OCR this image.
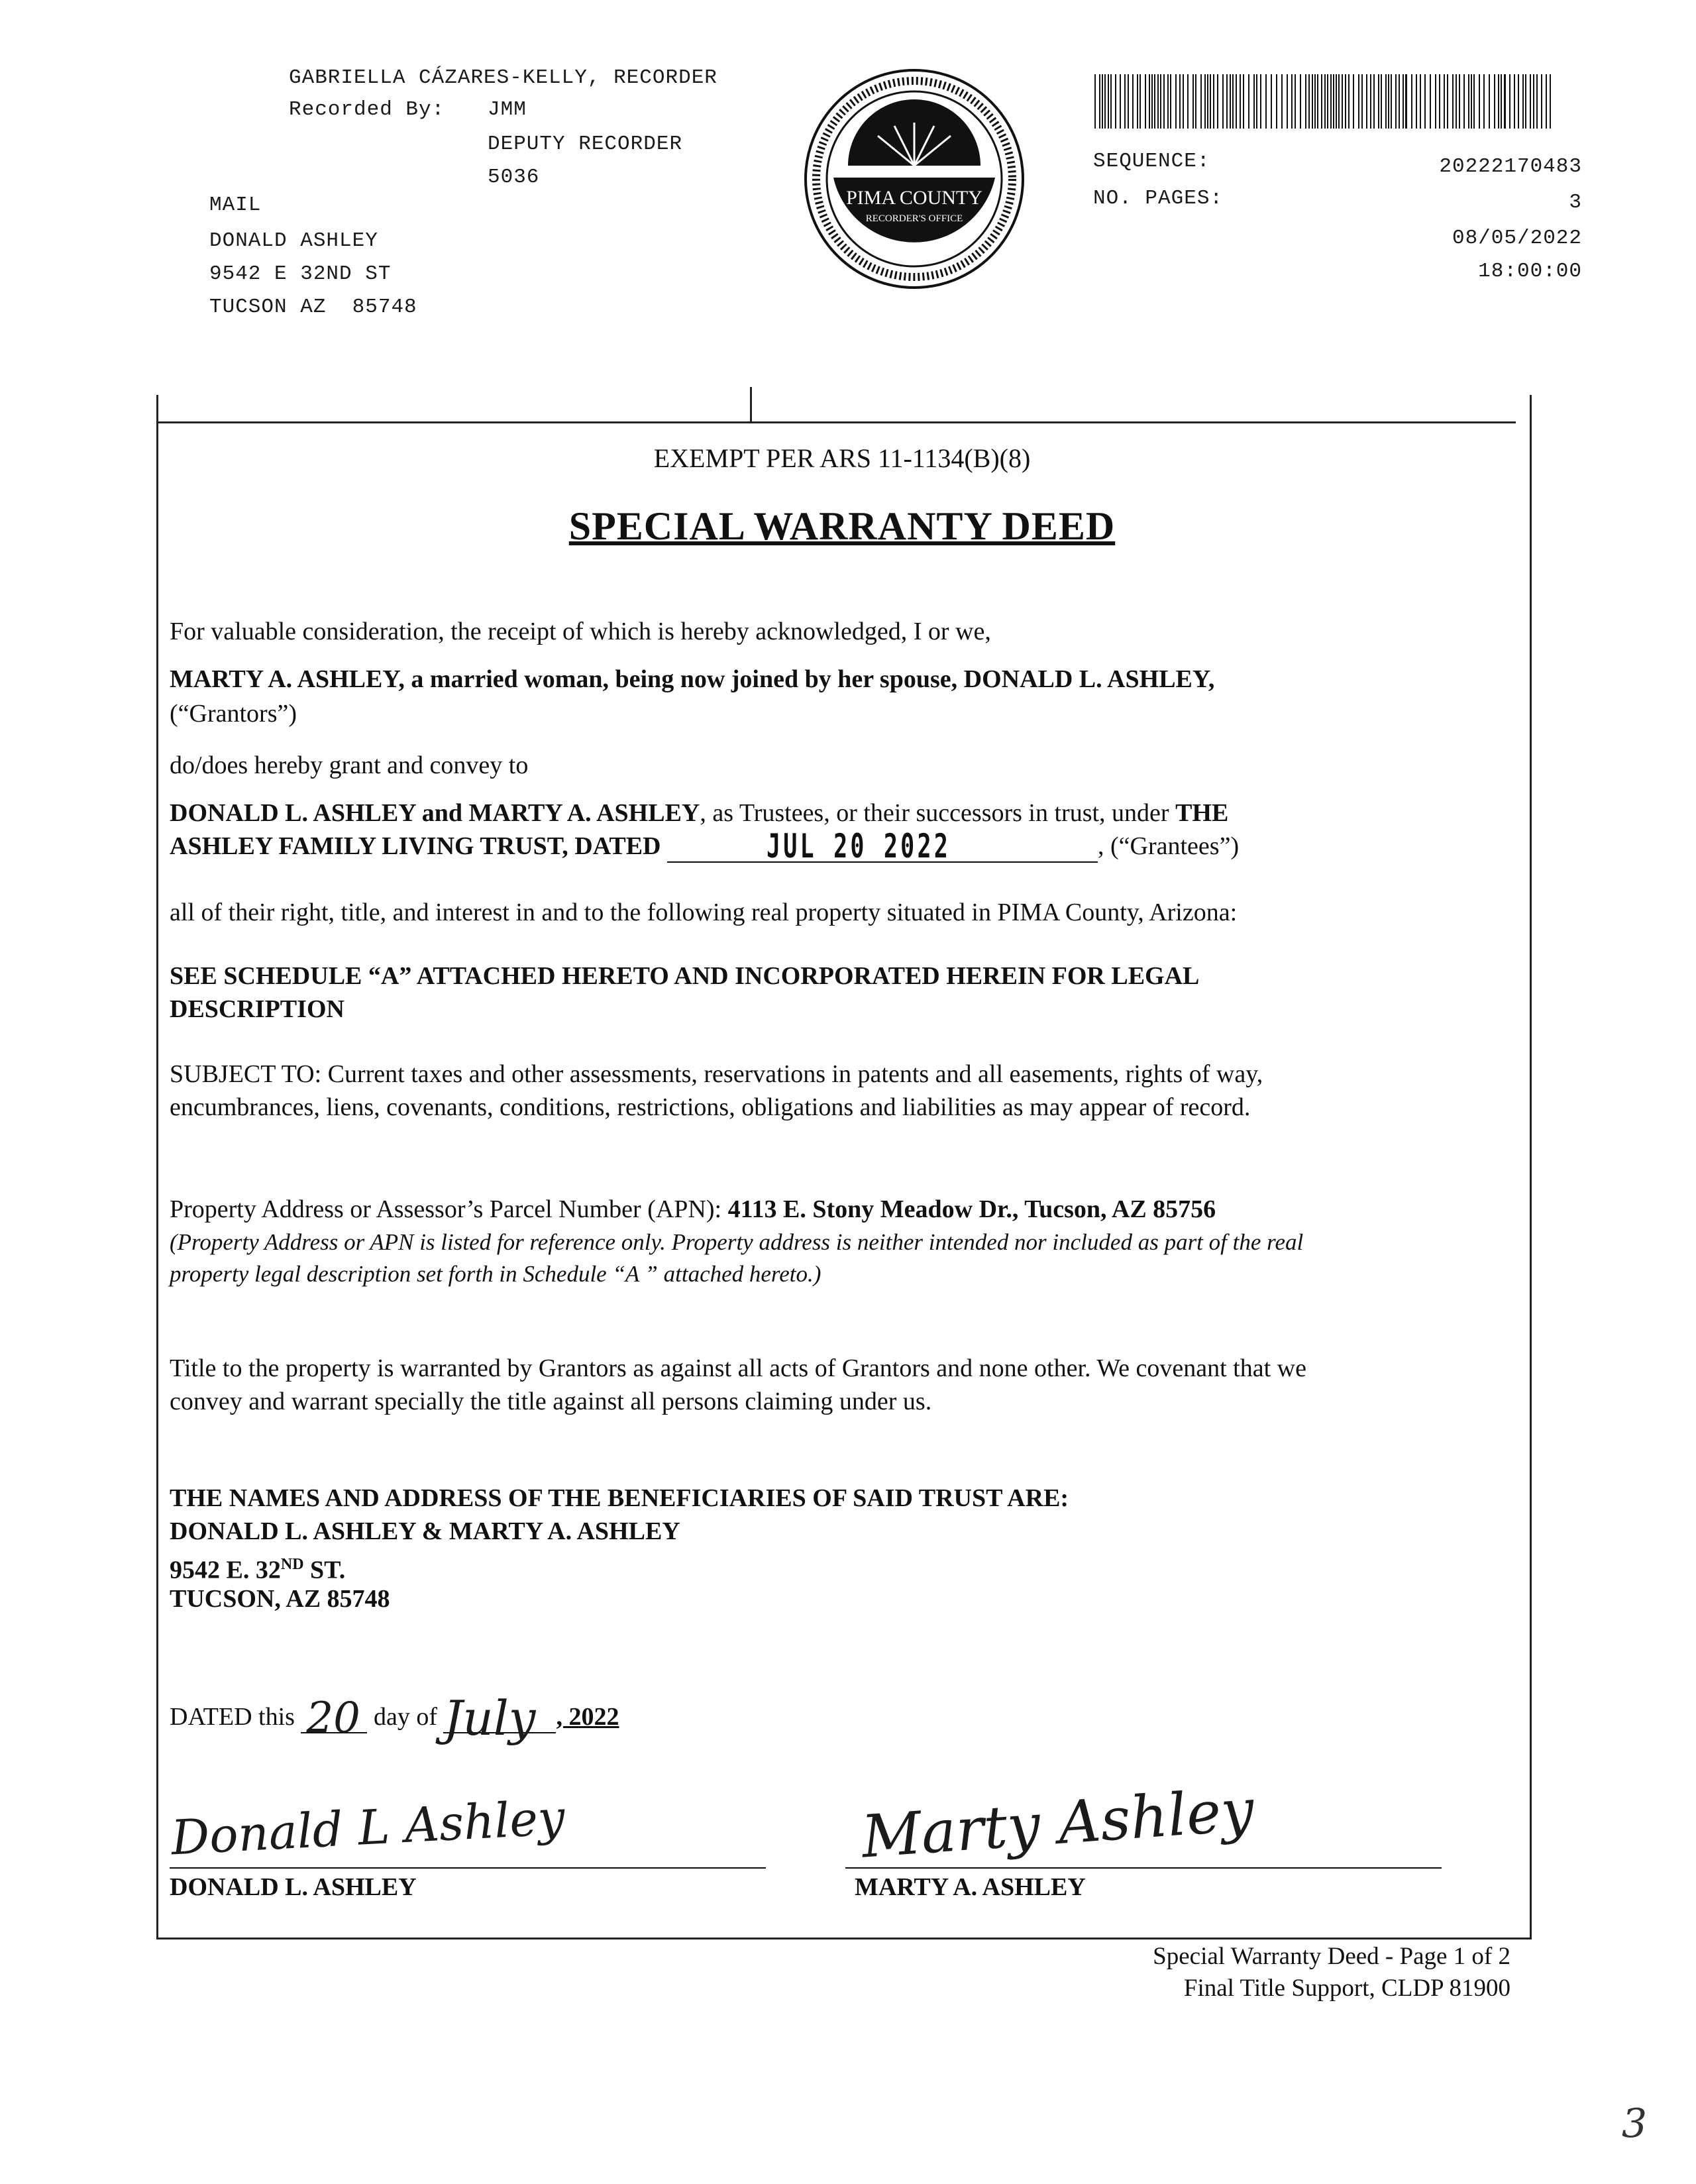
GABRIELLA CÁZARES-KELLY, RECORDER
Recorded By: JMM
DEPUTY RECORDER
5036
MAIL
DONALD ASHLEY
9542 E 32ND ST
TUCSON AZ  85748
PIMA COUNTY
RECORDER'S OFFICE
SEQUENCE:	20222170483
NO. PAGES:	3
08/05/2022
18:00:00
EXEMPT PER ARS 11-1134(B)(8)
SPECIAL WARRANTY DEED
For valuable consideration, the receipt of which is hereby acknowledged, I or we,
MARTY A. ASHLEY, a married woman, being now joined by her spouse, DONALD L. ASHLEY,
(“Grantors”)
do/does hereby grant and convey to
DONALD L. ASHLEY and MARTY A. ASHLEY, as Trustees, or their successors in trust, under THE
ASHLEY FAMILY LIVING TRUST, DATED	JUL 20 2022	, (“Grantees”)
all of their right, title, and interest in and to the following real property situated in PIMA County, Arizona:
SEE SCHEDULE “A” ATTACHED HERETO AND INCORPORATED HEREIN FOR LEGAL
DESCRIPTION
SUBJECT TO: Current taxes and other assessments, reservations in patents and all easements, rights of way,
encumbrances, liens, covenants, conditions, restrictions, obligations and liabilities as may appear of record.
Property Address or Assessor’s Parcel Number (APN): 4113 E. Stony Meadow Dr., Tucson, AZ 85756
(Property Address or APN is listed for reference only. Property address is neither intended nor included as part of the real
property legal description set forth in Schedule “A ” attached hereto.)
Title to the property is warranted by Grantors as against all acts of Grantors and none other. We covenant that we
convey and warrant specially the title against all persons claiming under us.
THE NAMES AND ADDRESS OF THE BENEFICIARIES OF SAID TRUST ARE:
DONALD L. ASHLEY & MARTY A. ASHLEY
9542 E. 32ND ST.
TUCSON, AZ 85748
DATED this 20 day of July , 2022
Donald L Ashley
DONALD L. ASHLEY
Marty Ashley
MARTY A. ASHLEY
Special Warranty Deed - Page 1 of 2
Final Title Support, CLDP 81900
3
